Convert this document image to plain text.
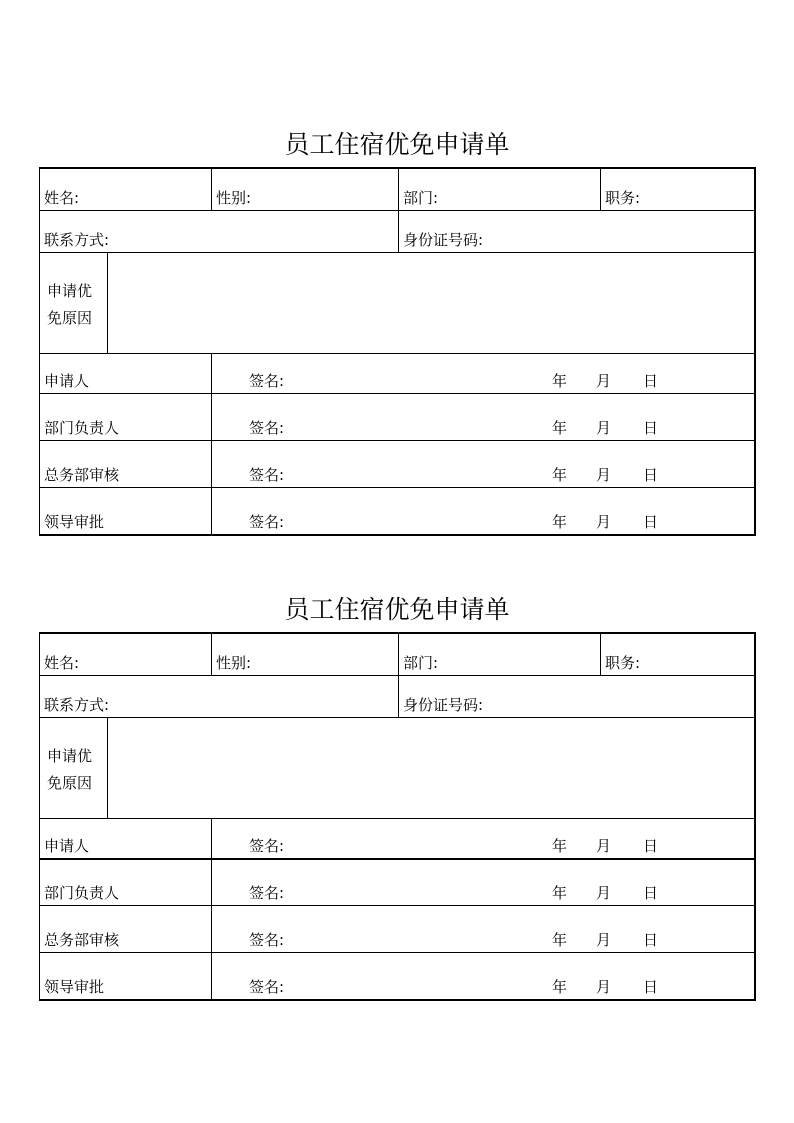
员工住宿优免申请单
姓名:	性别:	部门:	职务:
联系方式:	身份证号码:
申请优
免原因
申请人	签名:	年 月 日
部门负责人	签名:	年 月 日
总务部审核	签名:	年 月 日
领导审批	签名:	年 月 日
员工住宿优免申请单
姓名:	性别:	部门:	职务:
联系方式:	身份证号码:
申请优
免原因
申请人	签名:	年 月 日
部门负责人	签名:	年 月 日
总务部审核	签名:	年 月 日
领导审批	签名:	年 月 日
